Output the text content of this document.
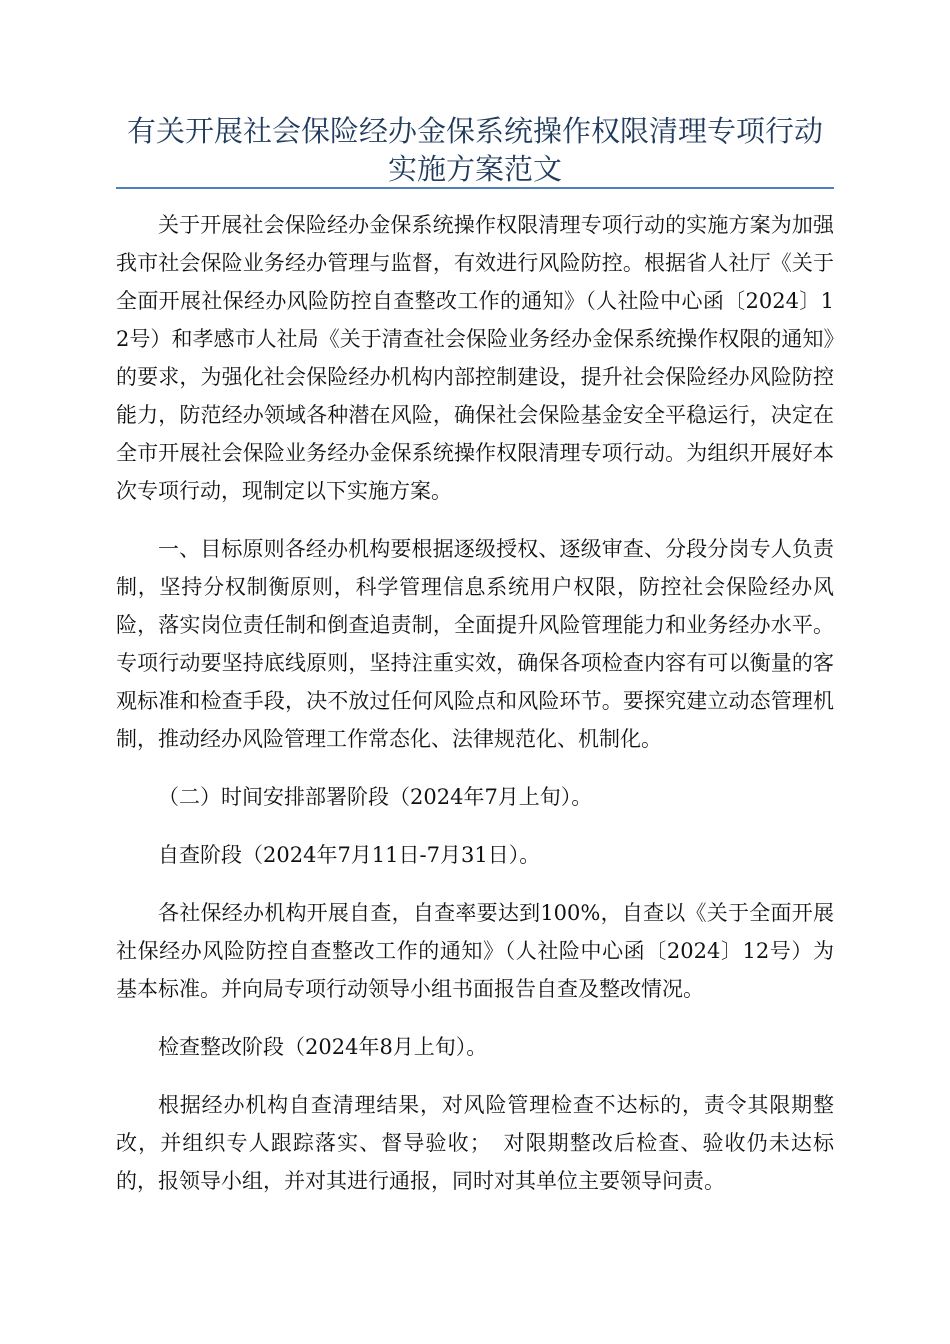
有关开展社会保险经办金保系统操作权限清理专项行动
实施方案范文

关于开展社会保险经办金保系统操作权限清理专项行动的实施方案为加强我市社会保险业务经办管理与监督，有效进行风险防控。根据省人社厅《关于全面开展社保经办风险防控自查整改工作的通知》（人社险中心函〔2024〕12号）和孝感市人社局《关于清查社会保险业务经办金保系统操作权限的通知》的要求，为强化社会保险经办机构内部控制建设，提升社会保险经办风险防控能力，防范经办领域各种潜在风险，确保社会保险基金安全平稳运行，决定在全市开展社会保险业务经办金保系统操作权限清理专项行动。为组织开展好本次专项行动，现制定以下实施方案。

一、目标原则各经办机构要根据逐级授权、逐级审查、分段分岗专人负责制，坚持分权制衡原则，科学管理信息系统用户权限，防控社会保险经办风险，落实岗位责任制和倒查追责制，全面提升风险管理能力和业务经办水平。专项行动要坚持底线原则，坚持注重实效，确保各项检查内容有可以衡量的客观标准和检查手段，决不放过任何风险点和风险环节。要探究建立动态管理机制，推动经办风险管理工作常态化、法律规范化、机制化。

（二）时间安排部署阶段（2024年7月上旬）。

自查阶段（2024年7月11日-7月31日）。

各社保经办机构开展自查，自查率要达到100%，自查以《关于全面开展社保经办风险防控自查整改工作的通知》（人社险中心函〔2024〕12号）为基本标准。并向局专项行动领导小组书面报告自查及整改情况。

检查整改阶段（2024年8月上旬）。

根据经办机构自查清理结果，对风险管理检查不达标的，责令其限期整改，并组织专人跟踪落实、督导验收；　对限期整改后检查、验收仍未达标的，报领导小组，并对其进行通报，同时对其单位主要领导问责。
